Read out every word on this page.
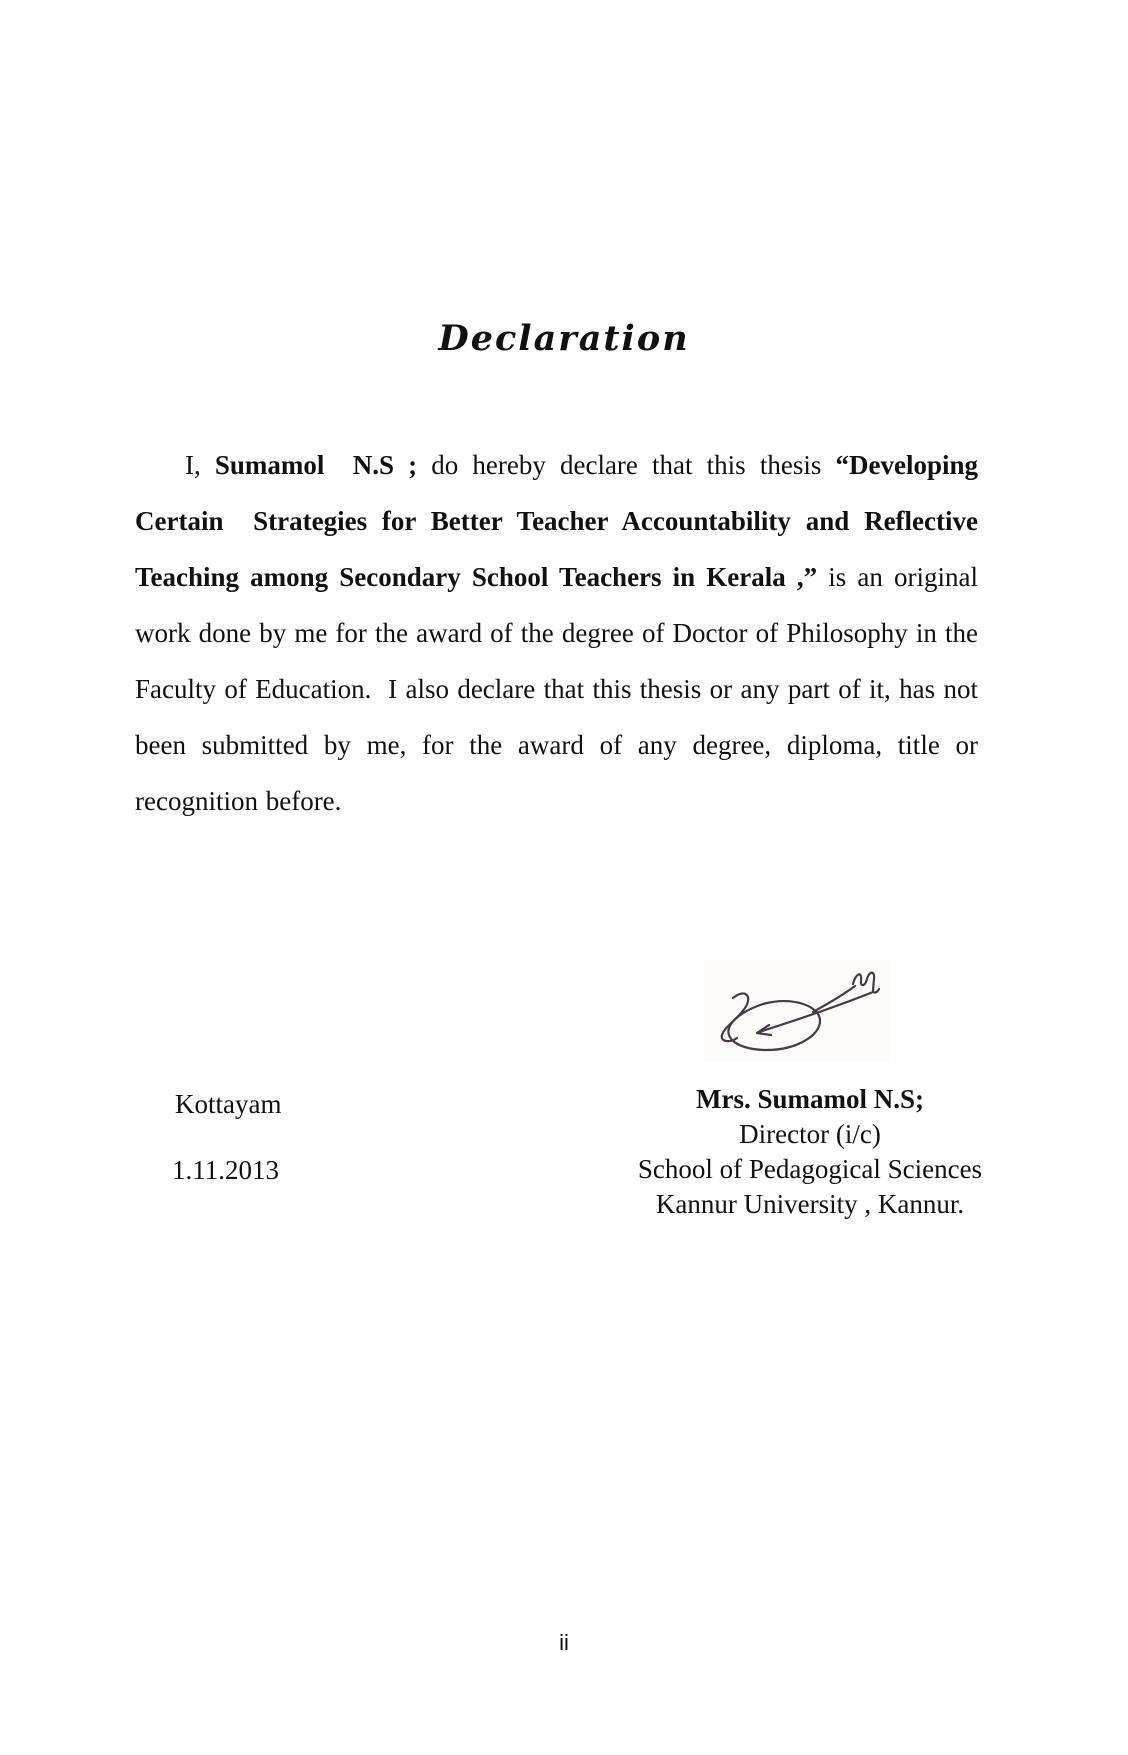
Declaration

I, Sumamol  N.S ; do hereby declare that this thesis “Developing Certain  Strategies for Better Teacher Accountability and Reflective Teaching among Secondary School Teachers in Kerala ,” is an original work done by me for the award of the degree of Doctor of Philosophy in the Faculty of Education.  I also declare that this thesis or any part of it, has not been submitted by me, for the award of any degree, diploma, title or recognition before.

Kottayam
1.11.2013
Mrs. Sumamol N.S;
Director (i/c)
School of Pedagogical Sciences
Kannur University , Kannur.
ii
